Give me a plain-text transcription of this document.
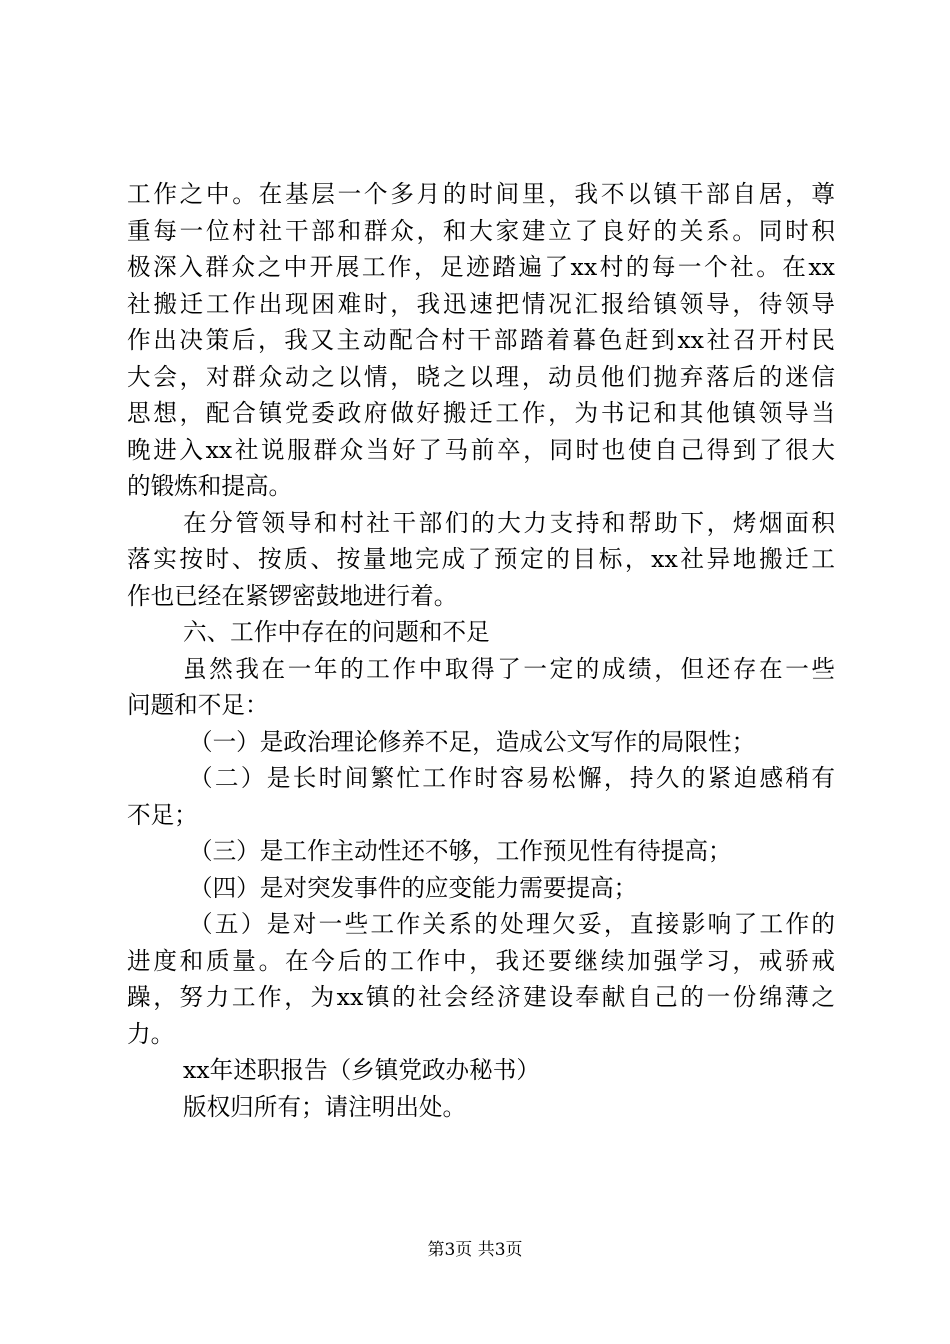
工作之中。在基层一个多月的时间里，我不以镇干部自居，尊
重每一位村社干部和群众，和大家建立了良好的关系。同时积
极深入群众之中开展工作，足迹踏遍了xx村的每一个社。在xx
社搬迁工作出现困难时，我迅速把情况汇报给镇领导，待领导
作出决策后，我又主动配合村干部踏着暮色赶到xx社召开村民
大会，对群众动之以情，晓之以理，动员他们抛弃落后的迷信
思想，配合镇党委政府做好搬迁工作，为书记和其他镇领导当
晚进入xx社说服群众当好了马前卒，同时也使自己得到了很大
的锻炼和提高。
在分管领导和村社干部们的大力支持和帮助下，烤烟面积
落实按时、按质、按量地完成了预定的目标，xx社异地搬迁工
作也已经在紧锣密鼓地进行着。
六、工作中存在的问题和不足
虽然我在一年的工作中取得了一定的成绩，但还存在一些
问题和不足：
（一）是政治理论修养不足，造成公文写作的局限性；
（二）是长时间繁忙工作时容易松懈，持久的紧迫感稍有
不足；
（三）是工作主动性还不够，工作预见性有待提高；
（四）是对突发事件的应变能力需要提高；
（五）是对一些工作关系的处理欠妥，直接影响了工作的
进度和质量。在今后的工作中，我还要继续加强学习，戒骄戒
躁，努力工作，为xx镇的社会经济建设奉献自己的一份绵薄之
力。
xx年述职报告（乡镇党政办秘书）
版权归所有；请注明出处。
第3页 共3页
